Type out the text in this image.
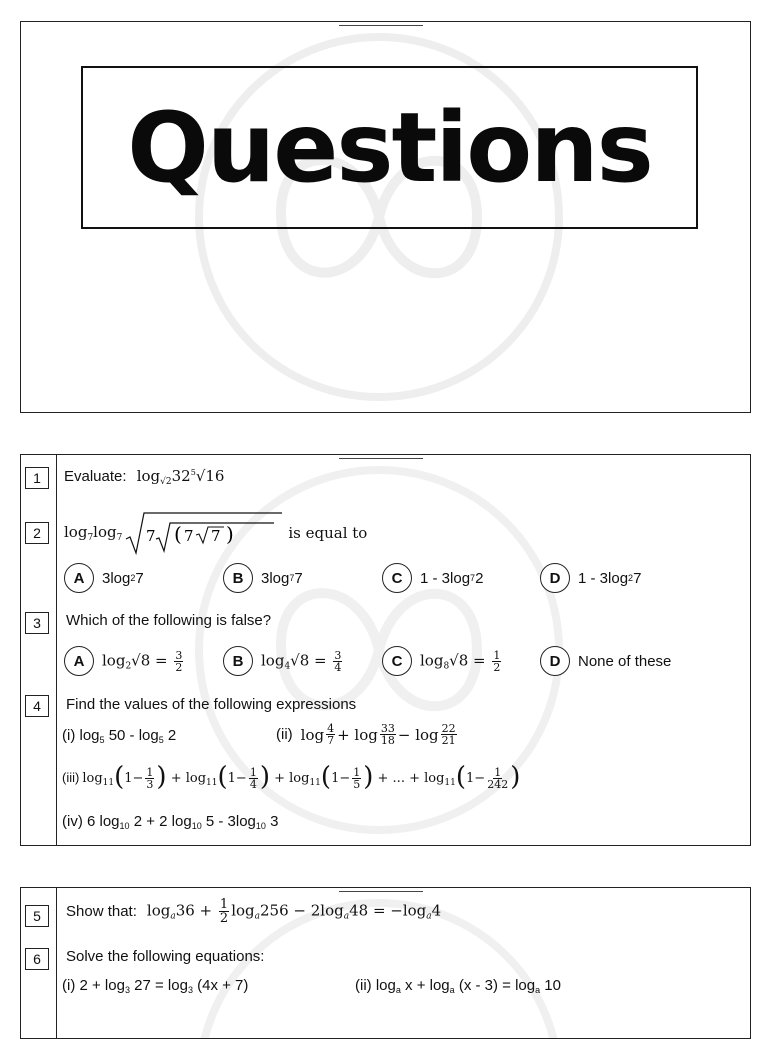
Questions
1	Evaluate: $\log_{√2}32^5√16$
2	$\log_7\log_7$ 7 ( 7 7 )	is equal to
A	3log 2 7	B	3log 7 7	C	1 - 3log 7 2	D	1 - 3log 2 7
3	Which of the following is false?
A	$\log_2√8 = \frac{3}{2}$	B	$\log_4√8 = \frac{3}{4}$	C	$\log_8√8 = \frac{1}{2}$	D	None of these
4	Find the values of the following expressions
(i) $\log_5 50 - \log_5 2$	(ii) $\log \frac{4}{7} + \log \frac{33}{18} - \log \frac{22}{21}$
(iii) $\log_{11}(1- \frac{1}{3}$ ) + $\log_{11}(1- \frac{1}{4}$ ) + $\log_{11}(1- \frac{1}{5}$ ) + ... + $\log_{11}(1- \frac{1}{242}$ )
(iv) 6 $\log_{10} 2 + 2$ $\log_{10} 5 - 3\log_{10}$ 3
5	Show that: $\log_a36 + \frac{1}{2} \log_a256 - 2\log_a48 = -\log_a4$
6	Solve the following equations:
(i) $2 + \log_3 27 = \log_3 (4x + 7)$	(ii) $\log_a x + \log_a (x - 3) = \log_a 10$
